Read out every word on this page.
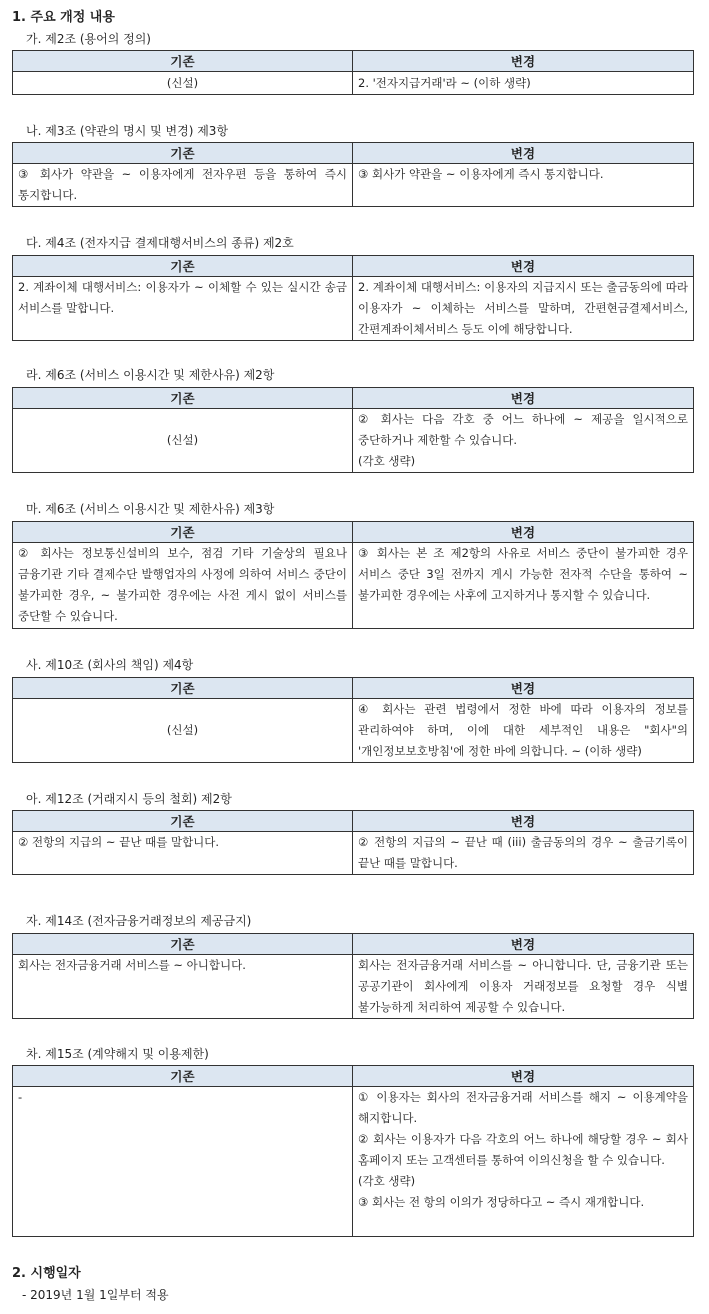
1. 주요 개정 내용
가. 제2조 (용어의 정의)
기존	변경
(신설)	2. '전자지급거래'라 ~ (이하 생략)
나. 제3조 (약관의 명시 및 변경) 제3항
기존	변경
③ 회사가 약관을 ~ 이용자에게 전자우편 등을 통하여 즉시 통지합니다.	③ 회사가 약관을 ~ 이용자에게 즉시 통지합니다.
다. 제4조 (전자지급 결제대행서비스의 종류) 제2호
기존	변경
2. 계좌이체 대행서비스: 이용자가 ~ 이체할 수 있는 실시간 송금 서비스를 말합니다.	2. 계좌이체 대행서비스: 이용자의 지급지시 또는 출금동의에 따라 이용자가 ~ 이체하는 서비스를 말하며, 간편현금결제서비스, 간편계좌이체서비스 등도 이에 해당합니다.
라. 제6조 (서비스 이용시간 및 제한사유) 제2항
기존	변경
(신설)	② 회사는 다음 각호 중 어느 하나에 ~ 제공을 일시적으로 중단하거나 제한할 수 있습니다.
(각호 생략)
마. 제6조 (서비스 이용시간 및 제한사유) 제3항
기존	변경
② 회사는 정보통신설비의 보수, 점검 기타 기술상의 필요나 금융기관 기타 결제수단 발행업자의 사정에 의하여 서비스 중단이 불가피한 경우, ~ 불가피한 경우에는 사전 게시 없이 서비스를 중단할 수 있습니다.	③ 회사는 본 조 제2항의 사유로 서비스 중단이 불가피한 경우 서비스 중단 3일 전까지 게시 가능한 전자적 수단을 통하여 ~ 불가피한 경우에는 사후에 고지하거나 통지할 수 있습니다.
사. 제10조 (회사의 책임) 제4항
기존	변경
(신설)	④ 회사는 관련 법령에서 정한 바에 따라 이용자의 정보를 관리하여야 하며, 이에 대한 세부적인 내용은 "회사"의 '개인정보보호방침'에 정한 바에 의합니다. ~ (이하 생략)
아. 제12조 (거래지시 등의 철회) 제2항
기존	변경
② 전항의 지급의 ~ 끝난 때를 말합니다.	② 전항의 지급의 ~ 끝난 때 (iii) 출금동의의 경우 ~ 출금기록이 끝난 때를 말합니다.
자. 제14조 (전자금융거래정보의 제공금지)
기존	변경
회사는 전자금융거래 서비스를 ~ 아니합니다.	회사는 전자금융거래 서비스를 ~ 아니합니다. 단, 금융기관 또는 공공기관이 회사에게 이용자 거래정보를 요청할 경우 식별 불가능하게 처리하여 제공할 수 있습니다.
차. 제15조 (계약해지 및 이용제한)
기존	변경
-	① 이용자는 회사의 전자금융거래 서비스를 해지 ~ 이용계약을 해지합니다.
② 회사는 이용자가 다음 각호의 어느 하나에 해당할 경우 ~ 회사 홈페이지 또는 고객센터를 통하여 이의신청을 할 수 있습니다.
(각호 생략)
③ 회사는 전 항의 이의가 정당하다고 ~ 즉시 재개합니다.
2. 시행일자
- 2019년 1월 1일부터 적용
